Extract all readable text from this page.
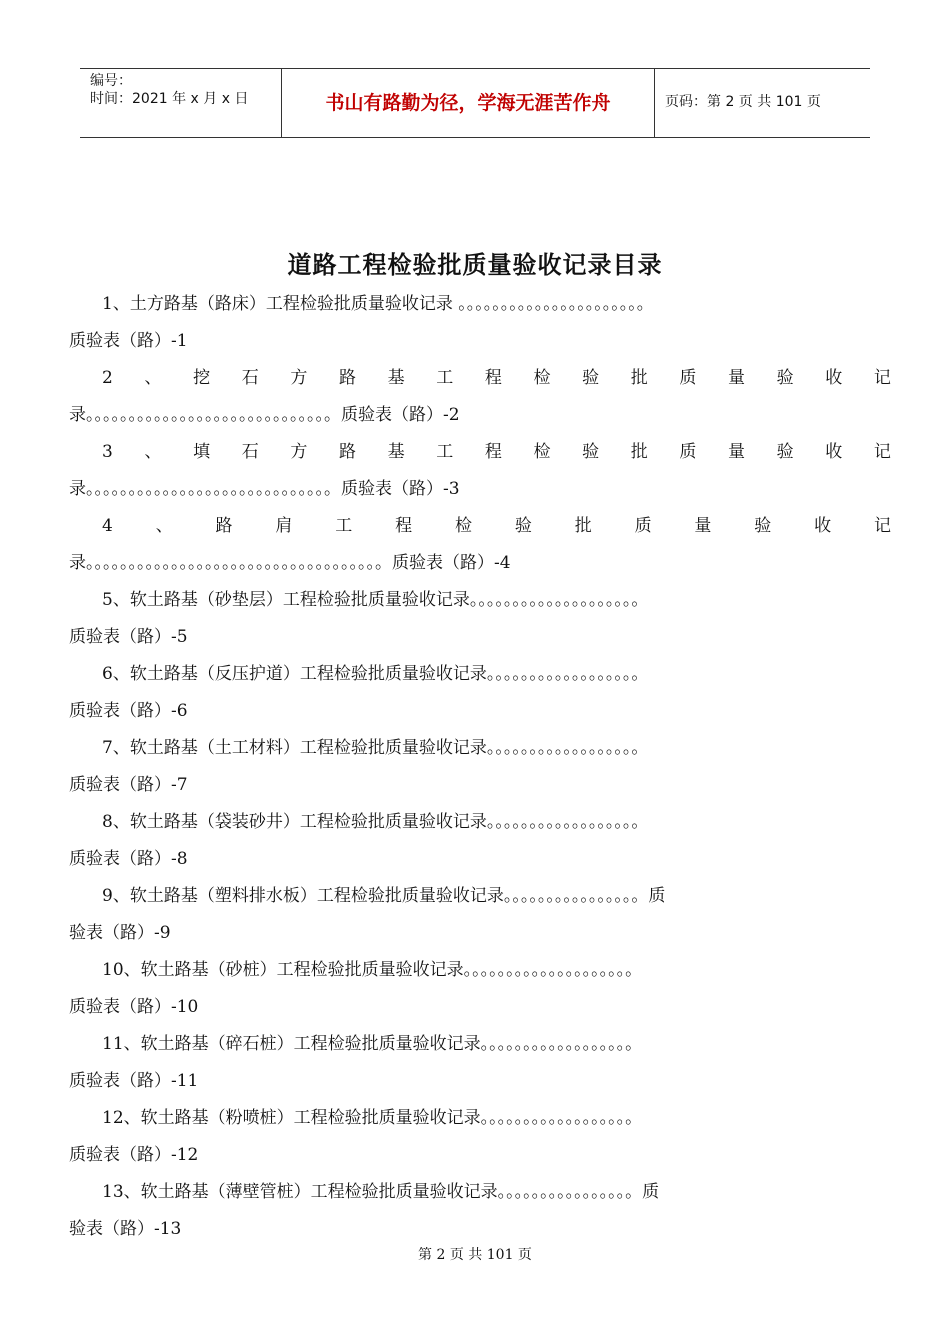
编号：
时间：2021 年 x 月 x 日	书山有路勤为径，学海无涯苦作舟	页码：第 2 页 共 101 页
道路工程检验批质量验收记录目录
1、土方路基（路床）工程检验批质量验收记录 。。。。。。。。。。。。。。。。。。。。。。
质验表（路）-1
2 、 挖 石 方 路 基 工 程 检 验 批 质 量 验 收 记
录。。。。。。。。。。。。。。。。。。。。。。。。。。。。。质验表（路）-2
3 、 填 石 方 路 基 工 程 检 验 批 质 量 验 收 记
录。。。。。。。。。。。。。。。。。。。。。。。。。。。。。质验表（路）-3
4	、	路	肩	工	程	检	验	批	质	量	验	收	记
录。。。。。。。。。。。。。。。。。。。。。。。。。。。。。。。。。。。质验表（路）-4
5、软土路基（砂垫层）工程检验批质量验收记录。。。。。。。。。。。。。。。。。。。。
质验表（路）-5
6、软土路基（反压护道）工程检验批质量验收记录。。。。。。。。。。。。。。。。。。
质验表（路）-6
7、软土路基（土工材料）工程检验批质量验收记录。。。。。。。。。。。。。。。。。。
质验表（路）-7
8、软土路基（袋装砂井）工程检验批质量验收记录。。。。。。。。。。。。。。。。。。
质验表（路）-8
9、软土路基（塑料排水板）工程检验批质量验收记录。。。。。。。。。。。。。。。。质
验表（路）-9
10、软土路基（砂桩）工程检验批质量验收记录。。。。。。。。。。。。。。。。。。。。
质验表（路）-10
11、软土路基（碎石桩）工程检验批质量验收记录。。。。。。。。。。。。。。。。。。
质验表（路）-11
12、软土路基（粉喷桩）工程检验批质量验收记录。。。。。。。。。。。。。。。。。。
质验表（路）-12
13、软土路基（薄壁管桩）工程检验批质量验收记录。。。。。。。。。。。。。。。。质
验表（路）-13
第 2 页 共 101 页
